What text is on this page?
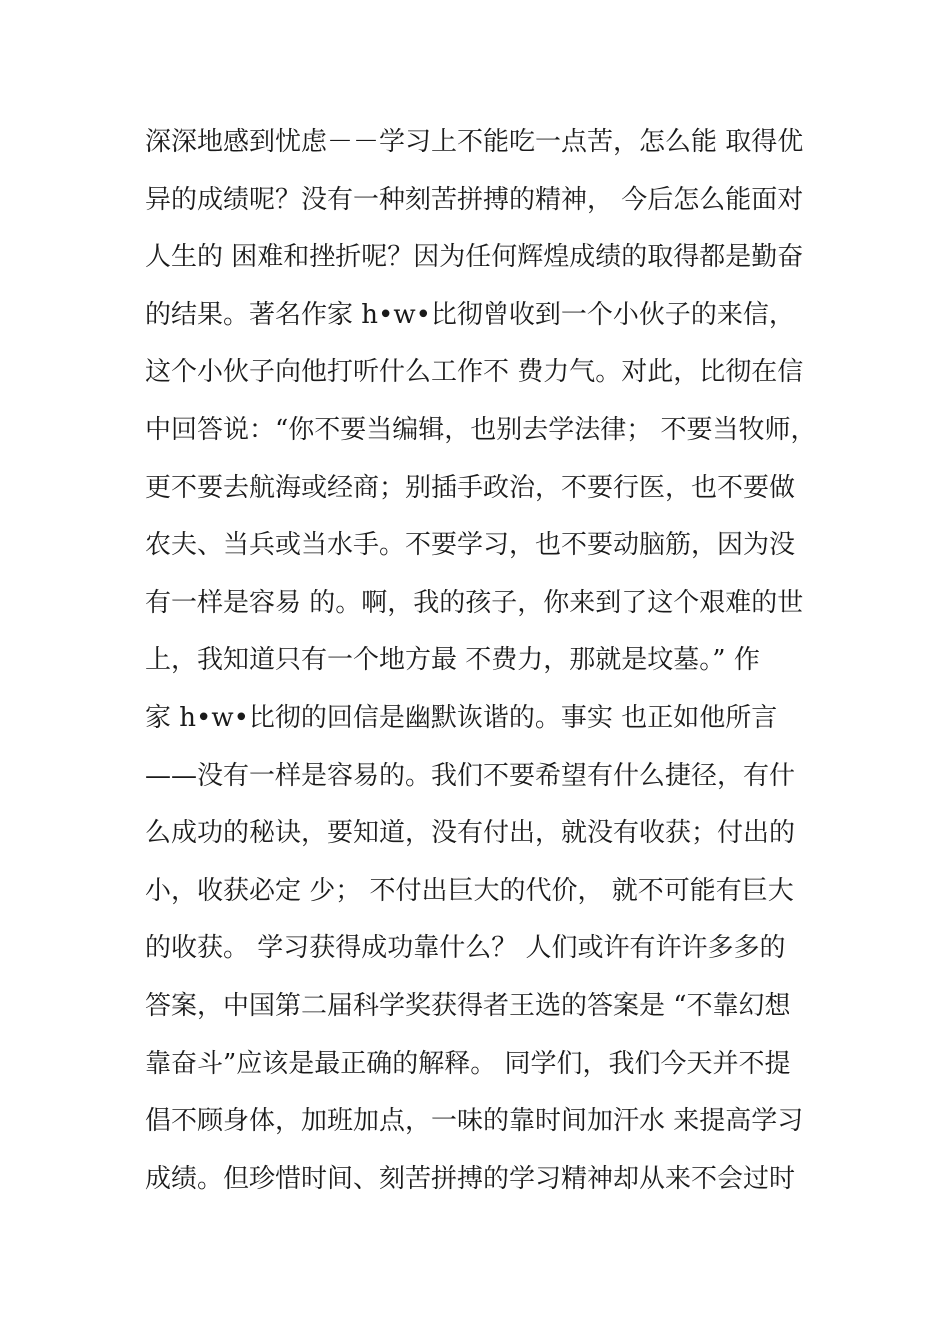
深深地感到忧虑－－学习上不能吃一点苦，怎么能 取得优
异的成绩呢？没有一种刻苦拼搏的精神， 今后怎么能面对
人生的 困难和挫折呢？因为任何辉煌成绩的取得都是勤奋
的结果。著名作家 h•w•比彻曾收到一个小伙子的来信，
这个小伙子向他打听什么工作不 费力气。对此，比彻在信
中回答说：“你不要当编辑，也别去学法律； 不要当牧师，
更不要去航海或经商；别插手政治，不要行医，也不要做
农夫、当兵或当水手。不要学习，也不要动脑筋，因为没
有一样是容易 的。啊，我的孩子，你来到了这个艰难的世
上，我知道只有一个地方最 不费力，那就是坟墓。” 作
家 h•w•比彻的回信是幽默诙谐的。事实 也正如他所言
——没有一样是容易的。我们不要希望有什么捷径，有什
么成功的秘诀，要知道，没有付出，就没有收获；付出的
小，收获必定 少； 不付出巨大的代价， 就不可能有巨大
的收获。 学习获得成功靠什么？ 人们或许有许许多多的
答案，中国第二届科学奖获得者王选的答案是 “不靠幻想
靠奋斗”应该是最正确的解释。 同学们，我们今天并不提
倡不顾身体，加班加点，一味的靠时间加汗水 来提高学习
成绩。但珍惜时间、刻苦拼搏的学习精神却从来不会过时
